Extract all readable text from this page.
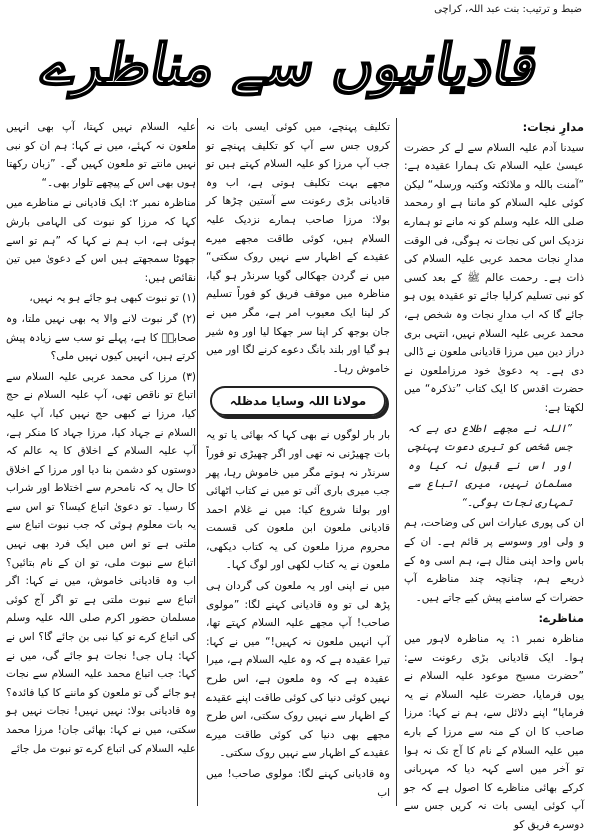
ضبط و ترتیب: بنت عبد اللہ، کراچی
قادیانیوں سے مناظرے

مدارِ نجات:

سیدنا آدم علیہ السلام سے لے کر حضرت عیسیٰ علیہ السلام تک ہمارا عقیدہ ہے: ”آمنت باللہ و ملائکتہ وکتبہ ورسلہ“ لیکن کوئی علیہ السلام کو ماننا ہے او رمحمد صلی اللہ علیہ وسلم کو نہ مانے تو ہمارے نزدیک اس کی نجات نہ ہوگی، فی الوقت مدارِ نجات محمد عربی علیہ السلام کی ذات ہے۔ رحمت عالم ﷺ کے بعد کسی کو نبی تسلیم کرلیا جائے تو عقیدہ یوں ہو جائے گا کہ اب مدارِ نجات وہ شخص ہے، محمد عربی علیہ السلام نہیں، انتہی بری دراز دین میں مرزا قادیانی ملعون نے ڈالی دی ہے۔ یہ دعویٰ خود مرزاملعون نے حضرت اقدس کا ایک کتاب ”تذکرہ“ میں لکھتا ہے:

”اللہ نے مجھے اطلاع دی ہے کہ جس شخص کو تیری دعوت پہنچی اور اس نے قبول نہ کیا وہ مسلمان نہیں، میری اتباع سے تمہاری نجات ہوگی۔“

ان کی پوری عبارات اس کی وضاحت، ہم و ولی اور وسوسے پر قائم ہے۔ ان کے باس واحد اپنی مثال ہے، ہم اسی وہ کے ذریعے ہم، چنانچہ چند مناظرے آپ حضرات کے سامنے پیش کیے جاتے ہیں۔

مناظرے:

مناظرہ نمبر ۱: یہ مناظرہ لاہور میں ہوا۔ ایک قادیانی بڑی رعونت سے: ”حضرت مسیح موعود علیہ السلام نے یوں فرمایا، حضرت علیہ السلام نے یہ فرمایا“ اپنے دلائل سے، ہم نے کہا: مرزا صاحب کا ان کے منہ سے مرزا کے بارے میں علیہ السلام کے نام کا آج تک نہ ہوا تو آخر میں اسے کہہ دیا کہ مہربانی کرکے بھائی مناظرے کا اصول ہے کہ جو آپ کوئی ایسی بات نہ کریں جس سے دوسرے فریق کو

تکلیف پہنچے، میں کوئی ایسی بات نہ کروں جس سے آپ کو تکلیف پہنچے تو جب آپ مرزا کو علیہ السلام کہتے ہیں تو مجھے بہت تکلیف ہوتی ہے، اب وہ قادیانی بڑی رعونت سے آستین چڑھا کر بولا: مرزا صاحب ہمارے نزدیک علیہ السلام ہیں، کوئی طاقت مجھے میرے عقیدے کے اظہار سے نہیں روک سکتی“ میں نے گردن جھکالی گویا سرنڈر ہو گیا، مناظرہ میں موقف فریق کو فوراً تسلیم کر لینا ایک معیوب امر ہے، مگر میں نے جان بوجھ کر اپنا سر جھکا لیا اور وہ شیر ہو گیا اور بلند بانگ دعوے کرنے لگا اور میں خاموش رہا۔

مولانا اللہ وسایا مدظلہ

بار بار لوگوں نے بھی کہا کہ بھائی یا تو یہ بات چھیڑنی نہ تھی اور اگر چھیڑی تو فوراً سرنڈر نہ ہوتے مگر میں خاموش رہا، پھر جب میری باری آئی تو میں نے کتاب اٹھائی اور بولنا شروع کیا: میں نے غلام احمد قادیانی ملعون ابن ملعون کی قسمت محروم مرزا ملعون کی یہ کتاب دیکھی، ملعون نے یہ کتاب لکھی اور لوگ کہا۔

میں نے اپنی اور یہ ملعون کی گردان ہی پڑھ لی تو وہ قادیانی کہنے لگا: ”مولوی صاحب! آپ مجھے علیہ السلام کہتے تھا، آپ انہیں ملعون نہ کہیں!“ میں نے کہا: تیرا عقیدہ ہے کہ وہ علیہ السلام ہے، میرا عقیدہ ہے کہ وہ ملعون ہے، اس طرح نہیں کوئی دنیا کی کوئی طاقت اپنے عقیدے کے اظہار سے نہیں روک سکتی، اس طرح مجھے بھی دنیا کی کوئی طاقت میرے عقیدے کے اظہار سے نہیں روک سکتی۔

وہ قادیانی کہنے لگا: مولوی صاحب! میں اب

علیہ السلام نہیں کہتا، آپ بھی انہیں ملعون نہ کہئے، میں نے کہا: ہم ان کو نبی نہیں مانتے تو ملعون کہیں گے۔ ”زبان رکھتا ہوں بھی اس کے پیچھے تلوار بھی۔“

مناظرہ نمبر ۲: ایک قادیانی نے مناظرے میں کہا کہ مرزا کو نبوت کی الہامی بارش ہوئی ہے، اب ہم نے کہا کہ ”ہم تو اسے جھوٹا سمجھتے ہیں اس کے دعویٰ میں تین نقائص ہیں:

(۱) تو نبوت کبھی ہو جائے ہو یہ نہیں،

(۲) گر نبوت لانے والا یہ بھی نہیں ملتا، وہ صحابہؓ کا ہے، پہلے تو سب سے زیادہ پیش کرتے ہیں، انہیں کیوں نہیں ملی؟

(۳) مرزا کی محمد عربی علیہ السلام سے اتباع تو ناقص تھی، آپ علیہ السلام نے حج کیا، مرزا نے کبھی حج نہیں کیا، آپ علیہ السلام نے جہاد کیا، مرزا جہاد کا منکر ہے، آپ علیہ السلام کے اخلاق کا یہ عالم کہ دوستوں کو دشمن بنا دیا اور مرزا کے اخلاق کا حال یہ کہ نامحرم سے اختلاط اور شراب کا رسیا۔ تو دعویٰ اتباع کیسا؟ تو اس سے یہ بات معلوم ہوئی کہ جب نبوت اتباع سے ملتی ہے تو اس میں ایک فرد بھی نہیں اتباع سے نبوت ملی، تو ان کے نام بتائیں؟ اب وہ قادیانی خاموش، میں نے کہا: اگر اتباع سے نبوت ملتی ہے تو اگر آج کوئی مسلمان حضور اکرم صلی اللہ علیہ وسلم کی اتباع کرے تو کیا نبی بن جائے گا؟ اس نے کہا: ہاں جی! نجات ہو جائے گی، میں نے کہا: جب اتباع محمد علیہ السلام سے نجات ہو جائے گی تو ملعون کو ماننے کا کیا فائدہ؟ وہ قادیانی بولا: نہیں نہیں! نجات نہیں ہو سکتی، میں نے کہا: بھائی جان! مرزا محمد علیہ السلام کی اتباع کرے تو نبوت مل جائے
